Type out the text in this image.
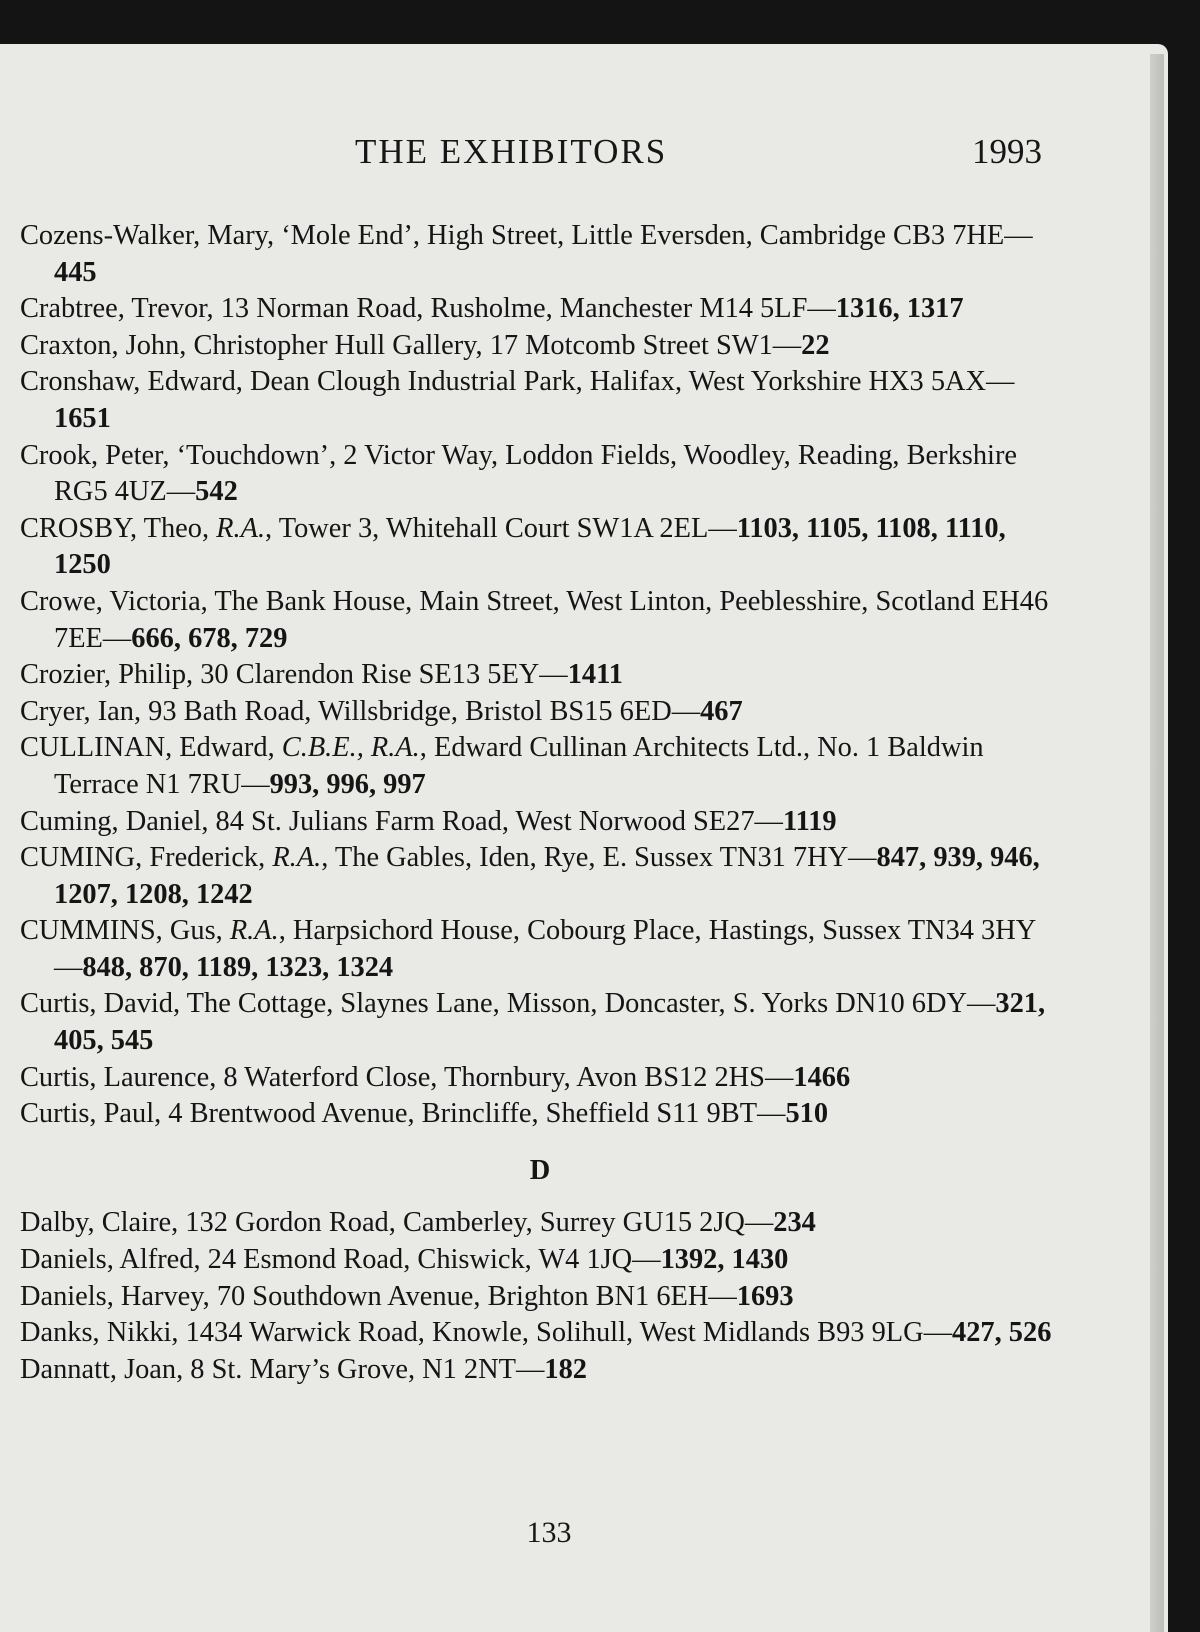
THE EXHIBITORS	1993
Cozens-Walker, Mary, ‘Mole End’, High Street, Little Eversden, Cambridge CB3 7HE—445
Crabtree, Trevor, 13 Norman Road, Rusholme, Manchester M14 5LF—1316, 1317
Craxton, John, Christopher Hull Gallery, 17 Motcomb Street SW1—22
Cronshaw, Edward, Dean Clough Industrial Park, Halifax, West Yorkshire HX3 5AX—1651
Crook, Peter, ‘Touchdown’, 2 Victor Way, Loddon Fields, Woodley, Reading, Berkshire RG5 4UZ—542
CROSBY, Theo, R.A., Tower 3, Whitehall Court SW1A 2EL—1103, 1105, 1108, 1110, 1250
Crowe, Victoria, The Bank House, Main Street, West Linton, Peeblesshire, Scotland EH46 7EE—666, 678, 729
Crozier, Philip, 30 Clarendon Rise SE13 5EY—1411
Cryer, Ian, 93 Bath Road, Willsbridge, Bristol BS15 6ED—467
CULLINAN, Edward, C.B.E., R.A., Edward Cullinan Architects Ltd., No. 1 Baldwin Terrace N1 7RU—993, 996, 997
Cuming, Daniel, 84 St. Julians Farm Road, West Norwood SE27—1119
CUMING, Frederick, R.A., The Gables, Iden, Rye, E. Sussex TN31 7HY—847, 939, 946, 1207, 1208, 1242
CUMMINS, Gus, R.A., Harpsichord House, Cobourg Place, Hastings, Sussex TN34 3HY—848, 870, 1189, 1323, 1324
Curtis, David, The Cottage, Slaynes Lane, Misson, Doncaster, S. Yorks DN10 6DY—321, 405, 545
Curtis, Laurence, 8 Waterford Close, Thornbury, Avon BS12 2HS—1466
Curtis, Paul, 4 Brentwood Avenue, Brincliffe, Sheffield S11 9BT—510
D
Dalby, Claire, 132 Gordon Road, Camberley, Surrey GU15 2JQ—234
Daniels, Alfred, 24 Esmond Road, Chiswick, W4 1JQ—1392, 1430
Daniels, Harvey, 70 Southdown Avenue, Brighton BN1 6EH—1693
Danks, Nikki, 1434 Warwick Road, Knowle, Solihull, West Midlands B93 9LG—427, 526
Dannatt, Joan, 8 St. Mary’s Grove, N1 2NT—182
133
